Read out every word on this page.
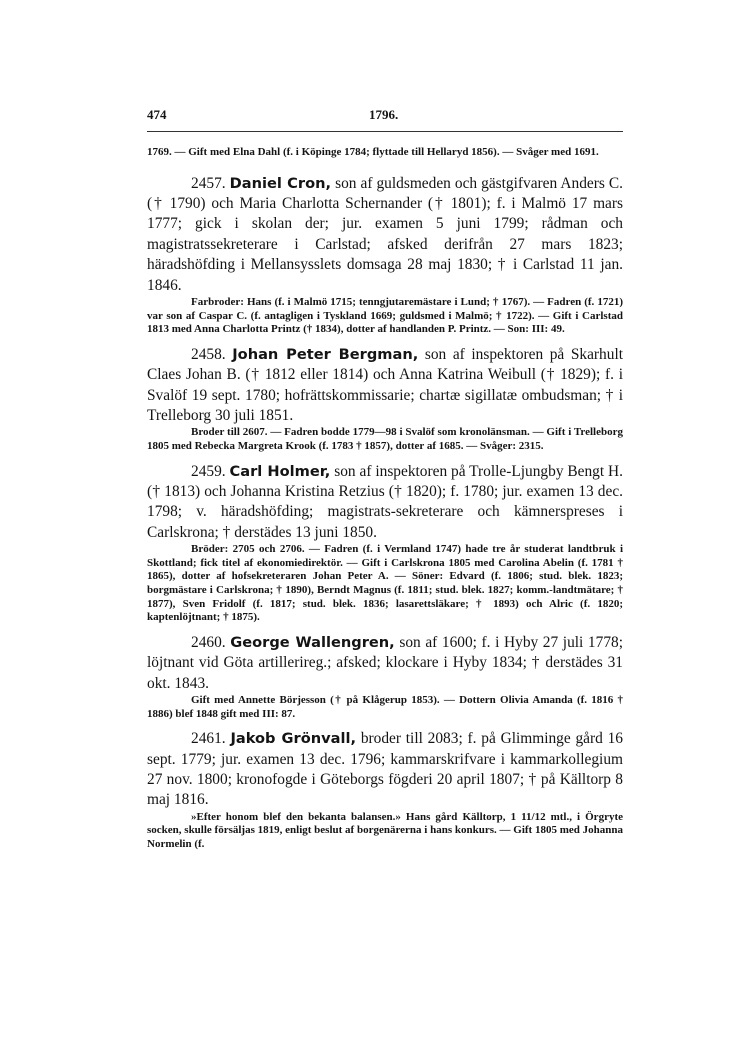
474	1796.

1769. — Gift med Elna Dahl (f. i Köpinge 1784; flyttade till Hellaryd 1856). — Svåger med 1691.

2457. Daniel Cron, son af guldsmeden och gästgifvaren Anders C. († 1790) och Maria Charlotta Schernander († 1801); f. i Malmö 17 mars 1777; gick i skolan der; jur. examen 5 juni 1799; rådman och magistratssekreterare i Carlstad; afsked derifrån 27 mars 1823; häradshöfding i Mellansysslets domsaga 28 maj 1830; † i Carlstad 11 jan. 1846.

Farbroder: Hans (f. i Malmö 1715; tenngjutaremästare i Lund; † 1767). — Fadren (f. 1721) var son af Caspar C. (f. antagligen i Tyskland 1669; guldsmed i Malmö; † 1722). — Gift i Carlstad 1813 med Anna Charlotta Printz († 1834), dotter af handlanden P. Printz. — Son: III: 49.

2458. Johan Peter Bergman, son af inspektoren på Skarhult Claes Johan B. († 1812 eller 1814) och Anna Katrina Weibull († 1829); f. i Svalöf 19 sept. 1780; hofrättskommissarie; chartæ sigillatæ ombudsman; † i Trelleborg 30 juli 1851.

Broder till 2607. — Fadren bodde 1779—98 i Svalöf som kronolänsman. — Gift i Trelleborg 1805 med Rebecka Margreta Krook (f. 1783 † 1857), dotter af 1685. — Svåger: 2315.

2459. Carl Holmer, son af inspektoren på Trolle-Ljungby Bengt H. († 1813) och Johanna Kristina Retzius († 1820); f. 1780; jur. examen 13 dec. 1798; v. häradshöfding; magistrats-sekreterare och kämnerspreses i Carlskrona; † derstädes 13 juni 1850.

Bröder: 2705 och 2706. — Fadren (f. i Vermland 1747) hade tre år studerat landtbruk i Skottland; fick titel af ekonomiedirektör. — Gift i Carlskrona 1805 med Carolina Abelin (f. 1781 † 1865), dotter af hofsekreteraren Johan Peter A. — Söner: Edvard (f. 1806; stud. blek. 1823; borgmästare i Carlskrona; † 1890), Berndt Magnus (f. 1811; stud. blek. 1827; komm.-landtmätare; † 1877), Sven Fridolf (f. 1817; stud. blek. 1836; lasarettsläkare; † 1893) och Alric (f. 1820; kaptenlöjtnant; † 1875).

2460. George Wallengren, son af 1600; f. i Hyby 27 juli 1778; löjtnant vid Göta artillerireg.; afsked; klockare i Hyby 1834; † derstädes 31 okt. 1843.

Gift med Annette Börjesson († på Klågerup 1853). — Dottern Olivia Amanda (f. 1816 † 1886) blef 1848 gift med III: 87.

2461. Jakob Grönvall, broder till 2083; f. på Glimminge gård 16 sept. 1779; jur. examen 13 dec. 1796; kammarskrifvare i kammarkollegium 27 nov. 1800; kronofogde i Göteborgs fögderi 20 april 1807; † på Källtorp 8 maj 1816.

»Efter honom blef den bekanta balansen.» Hans gård Källtorp, 1 11/12 mtl., i Örgryte socken, skulle försäljas 1819, enligt beslut af borgenärerna i hans konkurs. — Gift 1805 med Johanna Normelin (f.
